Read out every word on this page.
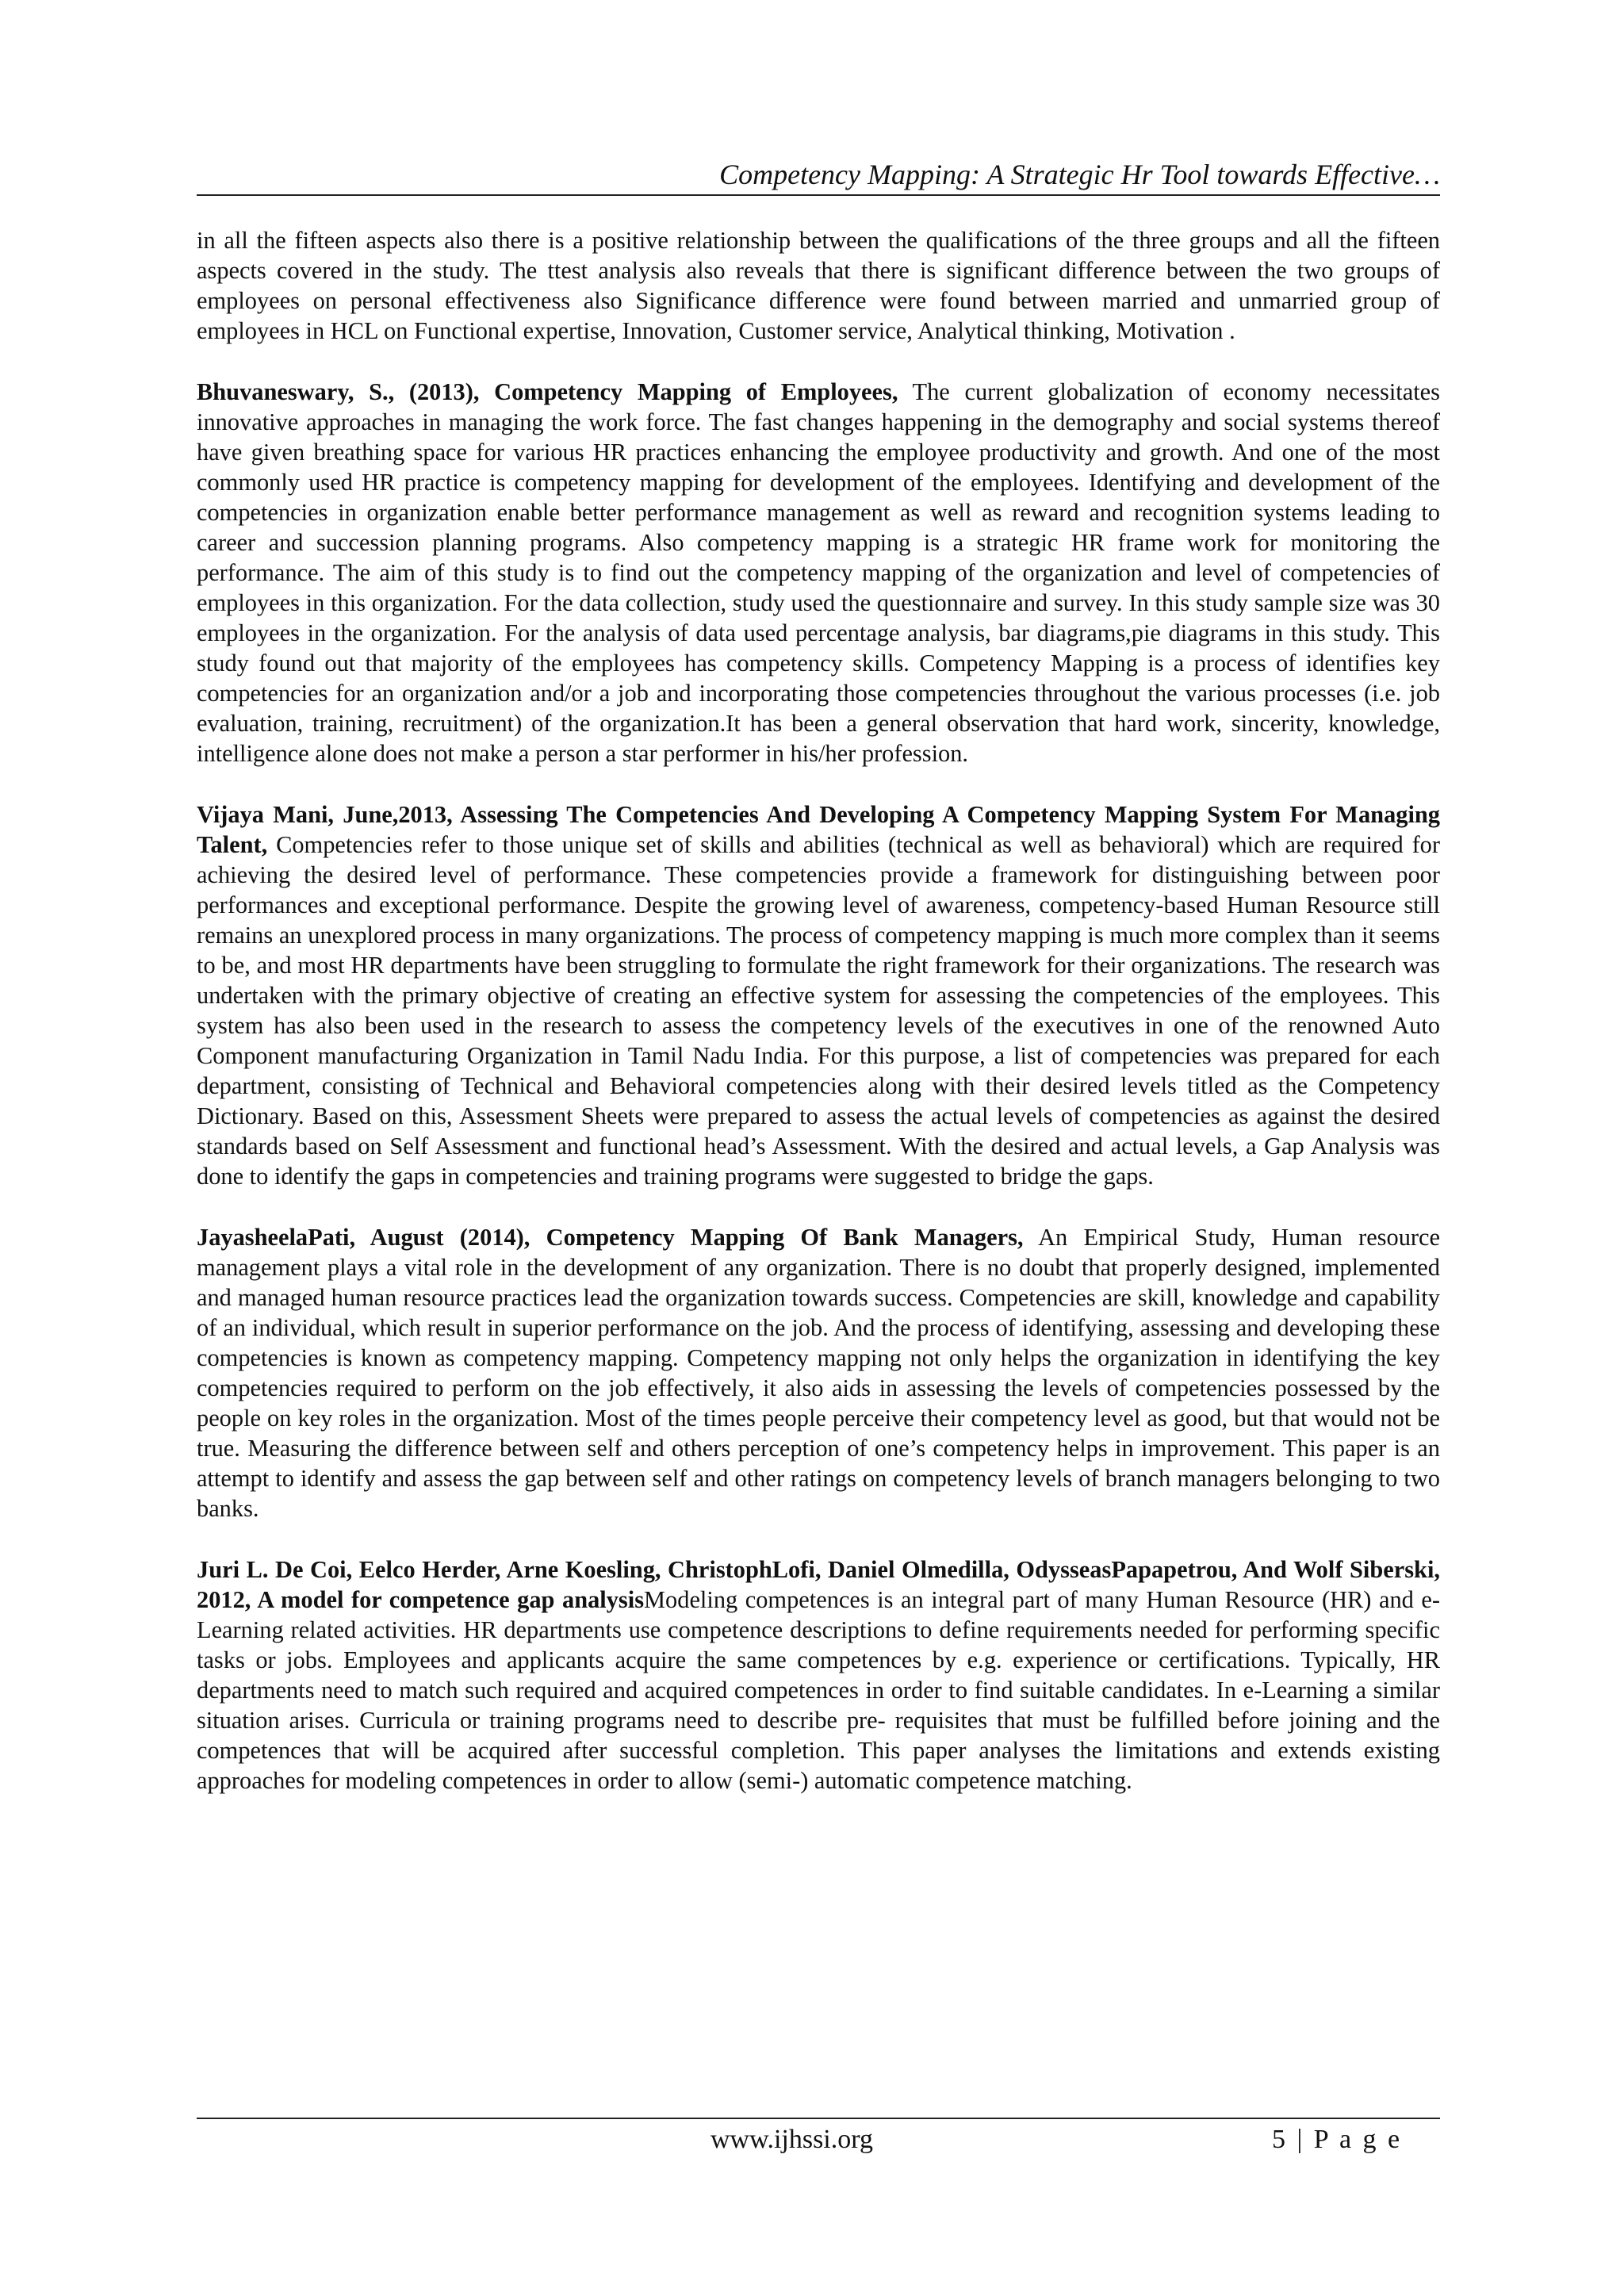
Competency Mapping: A Strategic Hr Tool towards Effective…

in all the fifteen aspects also there is a positive relationship between the qualifications of the three groups and all the fifteen aspects covered in the study. The ttest analysis also reveals that there is significant difference between the two groups of employees on personal effectiveness also Significance difference were found between married and unmarried group of employees in HCL on Functional expertise, Innovation, Customer service, Analytical thinking, Motivation .

Bhuvaneswary, S., (2013), Competency Mapping of Employees, The current globalization of economy necessitates innovative approaches in managing the work force. The fast changes happening in the demography and social systems thereof have given breathing space for various HR practices enhancing the employee productivity and growth. And one of the most commonly used HR practice is competency mapping for development of the employees. Identifying and development of the competencies in organization enable better performance management as well as reward and recognition systems leading to career and succession planning programs. Also competency mapping is a strategic HR frame work for monitoring the performance. The aim of this study is to find out the competency mapping of the organization and level of competencies of employees in this organization. For the data collection, study used the questionnaire and survey. In this study sample size was 30 employees in the organization. For the analysis of data used percentage analysis, bar diagrams,pie diagrams in this study. This study found out that majority of the employees has competency skills. Competency Mapping is a process of identifies key competencies for an organization and/or a job and incorporating those competencies throughout the various processes (i.e. job evaluation, training, recruitment) of the organization.It has been a general observation that hard work, sincerity, knowledge, intelligence alone does not make a person a star performer in his/her profession.

Vijaya Mani, June,2013, Assessing The Competencies And Developing A Competency Mapping System For Managing Talent, Competencies refer to those unique set of skills and abilities (technical as well as behavioral) which are required for achieving the desired level of performance. These competencies provide a framework for distinguishing between poor performances and exceptional performance. Despite the growing level of awareness, competency-based Human Resource still remains an unexplored process in many organizations. The process of competency mapping is much more complex than it seems to be, and most HR departments have been struggling to formulate the right framework for their organizations. The research was undertaken with the primary objective of creating an effective system for assessing the competencies of the employees. This system has also been used in the research to assess the competency levels of the executives in one of the renowned Auto Component manufacturing Organization in Tamil Nadu India. For this purpose, a list of competencies was prepared for each department, consisting of Technical and Behavioral competencies along with their desired levels titled as the Competency Dictionary. Based on this, Assessment Sheets were prepared to assess the actual levels of competencies as against the desired standards based on Self Assessment and functional head’s Assessment. With the desired and actual levels, a Gap Analysis was done to identify the gaps in competencies and training programs were suggested to bridge the gaps.

JayasheelaPati, August (2014), Competency Mapping Of Bank Managers, An Empirical Study, Human resource management plays a vital role in the development of any organization. There is no doubt that properly designed, implemented and managed human resource practices lead the organization towards success. Competencies are skill, knowledge and capability of an individual, which result in superior performance on the job. And the process of identifying, assessing and developing these competencies is known as competency mapping. Competency mapping not only helps the organization in identifying the key competencies required to perform on the job effectively, it also aids in assessing the levels of competencies possessed by the people on key roles in the organization. Most of the times people perceive their competency level as good, but that would not be true. Measuring the difference between self and others perception of one’s competency helps in improvement. This paper is an attempt to identify and assess the gap between self and other ratings on competency levels of branch managers belonging to two banks.

Juri L. De Coi, Eelco Herder, Arne Koesling, ChristophLofi, Daniel Olmedilla, OdysseasPapapetrou, And Wolf Siberski, 2012, A model for competence gap analysisModeling competences is an integral part of many Human Resource (HR) and e-Learning related activities. HR departments use competence descriptions to define requirements needed for performing specific tasks or jobs. Employees and applicants acquire the same competences by e.g. experience or certifications. Typically, HR departments need to match such required and acquired competences in order to find suitable candidates. In e-Learning a similar situation arises. Curricula or training programs need to describe pre- requisites that must be fulfilled before joining and the competences that will be acquired after successful completion. This paper analyses the limitations and extends existing approaches for modeling competences in order to allow (semi-) automatic competence matching.

www.ijhssi.org	5 | P a g e
